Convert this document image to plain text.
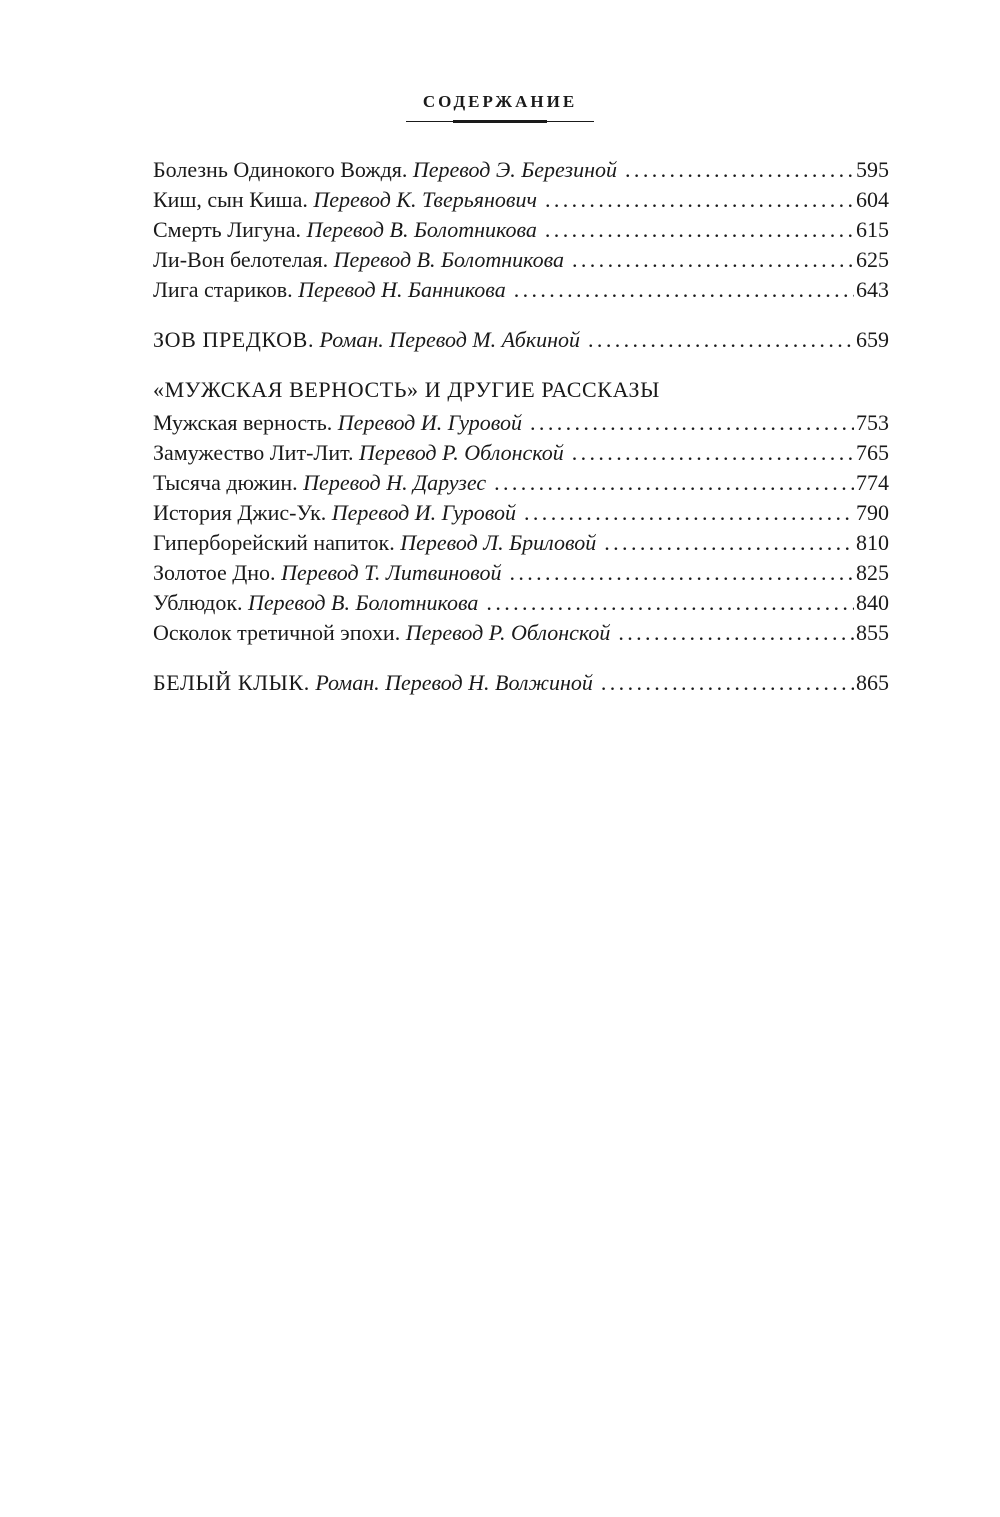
СОДЕРЖАНИЕ
Болезнь Одинокого Вождя. Перевод Э. Березиной .....	595
Киш, сын Киша. Перевод К. Тверьянович .....	604
Смерть Лигуна. Перевод В. Болотникова .....	615
Ли-Вон белотелая. Перевод В. Болотникова .....	625
Лига стариков. Перевод Н. Банникова .....	643
ЗОВ ПРЕДКОВ. Роман. Перевод М. Абкиной .....	659
«МУЖСКАЯ ВЕРНОСТЬ» И ДРУГИЕ РАССКАЗЫ
Мужская верность. Перевод И. Гуровой .....	753
Замужество Лит-Лит. Перевод Р. Облонской .....	765
Тысяча дюжин. Перевод Н. Дарузес .....	774
История Джис-Ук. Перевод И. Гуровой .....	790
Гиперборейский напиток. Перевод Л. Бриловой .....	810
Золотое Дно. Перевод Т. Литвиновой .....	825
Ублюдок. Перевод В. Болотникова .....	840
Осколок третичной эпохи. Перевод Р. Облонской .....	855
БЕЛЫЙ КЛЫК. Роман. Перевод Н. Волжиной .....	865
